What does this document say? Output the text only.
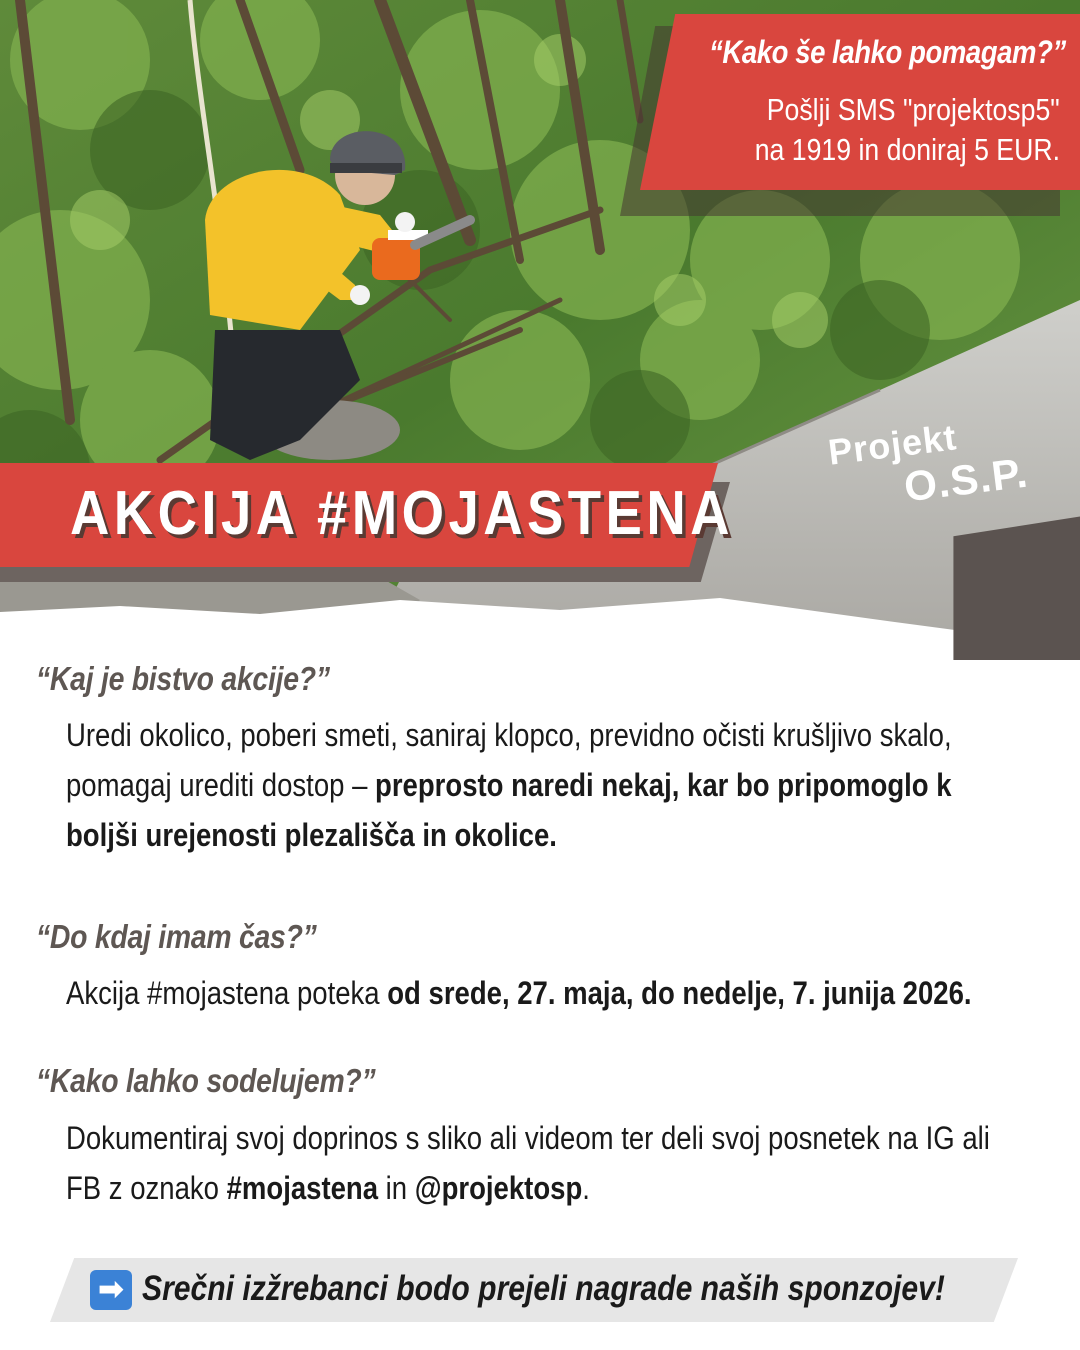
“Kako še lahko pomagam?”
Pošlji SMS "projektosp5"
na 1919 in doniraj 5 EUR.
AKCIJA #MOJASTENA
Projekt
O.S.P.
“Kaj je bistvo akcije?”
Uredi okolico, poberi smeti, saniraj klopco, previdno očisti krušljivo skalo, pomagaj urediti dostop – preprosto naredi nekaj, kar bo pripomoglo k boljši urejenosti plezališča in okolice.
“Do kdaj imam čas?”
Akcija #mojastena poteka od srede, 27. maja, do nedelje, 7. junija 2026.
“Kako lahko sodelujem?”
Dokumentiraj svoj doprinos s sliko ali videom ter deli svoj posnetek na IG ali FB z oznako #mojastena in @projektosp.
➡ Srečni izžrebanci bodo prejeli nagrade naših sponzojev!
